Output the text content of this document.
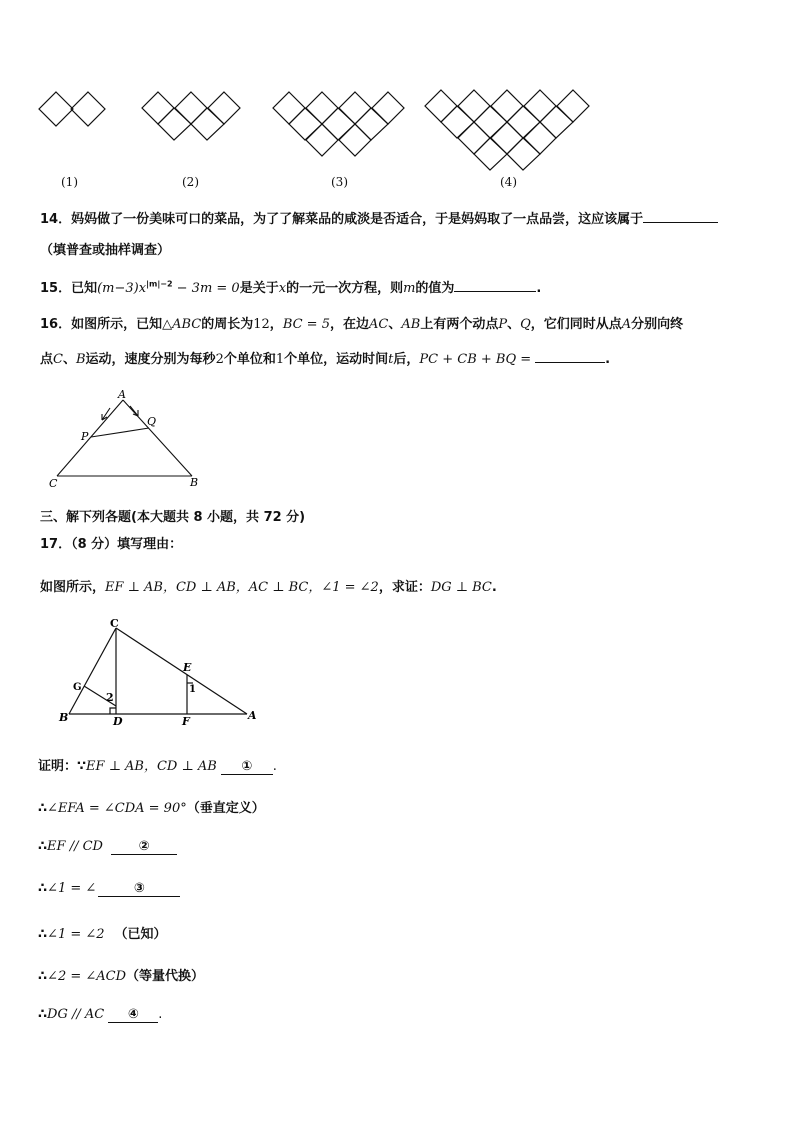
(1)	(2)	(3)	(4)
14．妈妈做了一份美味可口的菜品，为了了解菜品的咸淡是否适合，于是妈妈取了一点品尝，这应该属于
（填普查或抽样调查）
15．已知$(m-3)x^{|m|-2} - 3m = 0$是关于x的一元一次方程，则m的值为	.
16．如图所示，已知△ABC的周长为12，BC = 5，在边AC、AB上有两个动点P、Q，它们同时从点A分别向终
点C、B运动，速度分别为每秒2个单位和1个单位，运动时间t后，PC + CB + BQ =	.
A
P
Q
C	B
三、解下列各题(本大题共 8 小题，共 72 分)
17．（8 分）填写理由：
如图所示，EF ⊥ AB，CD ⊥ AB，AC ⊥ BC，∠1 = ∠2，求证：DG ⊥ BC.
C
E
G
2
1
B	D	F	A
证明：∵EF ⊥ AB，CD ⊥ AB ① .
∴∠EFA = ∠CDA = 90°（垂直定义）
∴EF // CD	②
∴∠1 = ∠	③
∴∠1 = ∠2 （已知）
∴∠2 = ∠ACD（等量代换）
∴DG // AC ④ .
